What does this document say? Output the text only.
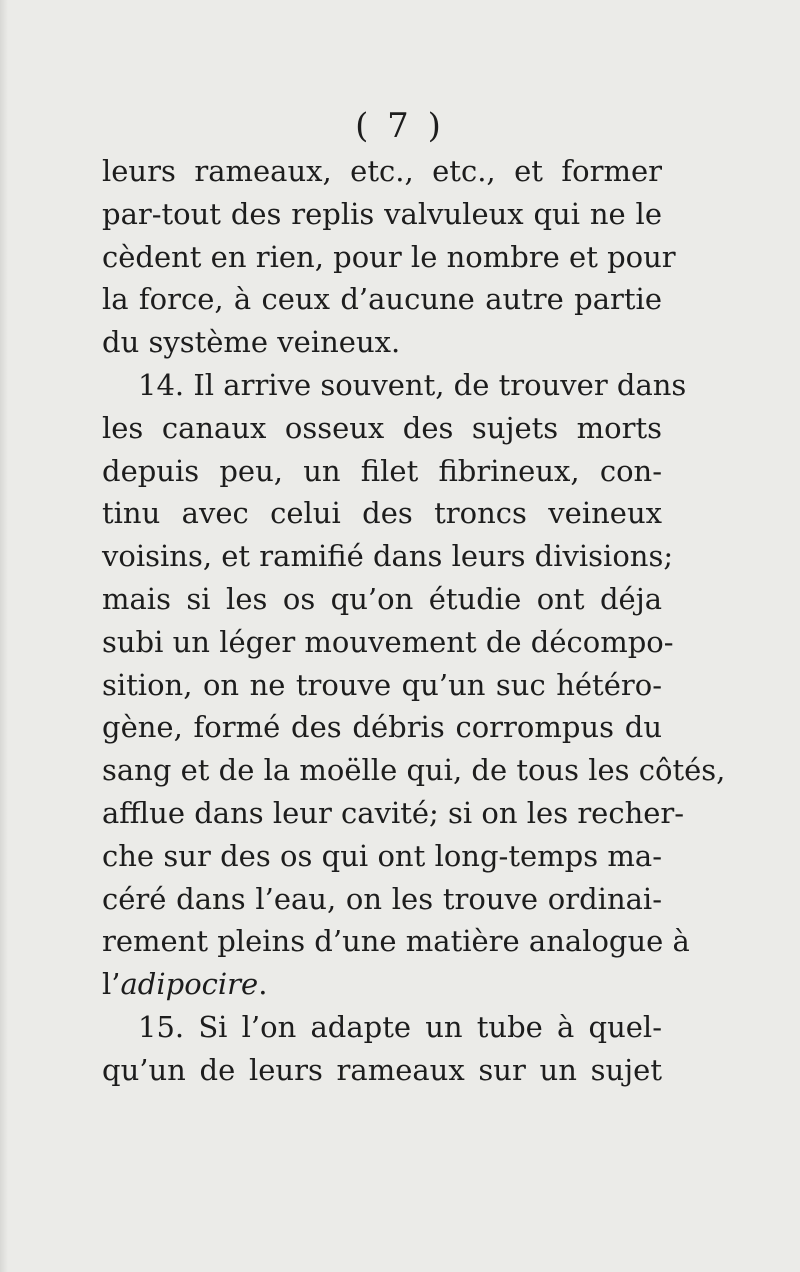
( 7 )
leurs rameaux, etc., etc., et former
par-tout des replis valvuleux qui ne le
cèdent en rien, pour le nombre et pour
la force, à ceux d’aucune autre partie
du système veineux.
14. Il arrive souvent, de trouver dans
les canaux osseux des sujets morts
depuis peu, un filet fibrineux, con-
tinu avec celui des troncs veineux
voisins, et ramifié dans leurs divisions;
mais si les os qu’on étudie ont déja
subi un léger mouvement de décompo-
sition, on ne trouve qu’un suc hétéro-
gène, formé des débris corrompus du
sang et de la moëlle qui, de tous les côtés,
afflue dans leur cavité; si on les recher-
che sur des os qui ont long-temps ma-
céré dans l’eau, on les trouve ordinai-
rement pleins d’une matière analogue à
l’adipocire.
15. Si l’on adapte un tube à quel-
qu’un de leurs rameaux sur un sujet
